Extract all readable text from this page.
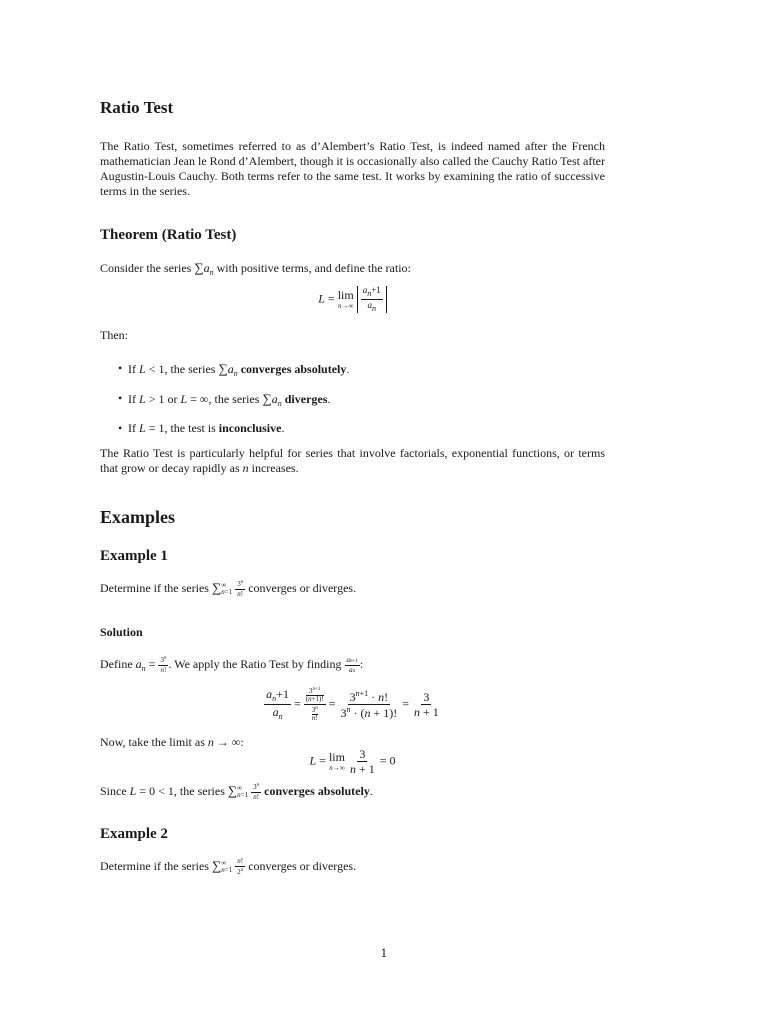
Ratio Test

The Ratio Test, sometimes referred to as d’Alembert’s Ratio Test, is indeed named after the French mathematician Jean le Rond d’Alembert, though it is occasionally also called the Cauchy Ratio Test after Augustin-Louis Cauchy. Both terms refer to the same test. It works by examining the ratio of successive terms in the series.

Theorem (Ratio Test)
Consider the series $\sum a_n$ with positive terms, and define the ratio:
L = lim
n→∞
$\frac{an+1}{an}$
Then:
• If L < 1, the series $\sum a_n$ converges absolutely.
• If L > 1 or L = ∞, the series $\sum a_n$ diverges.
• If L = 1, the test is inconclusive.

The Ratio Test is particularly helpful for series that involve factorials, exponential functions, or terms that grow or decay rapidly as n increases.

Examples
Example 1
Determine if the series ∑ ∞
n=1
$\frac{3^n}{n!}$ converges or diverges.
Solution
Define $a_n = \frac{3^n}{n!}$ . We apply the Ratio Test by finding $\frac{an+1}{an}$ :
$\frac{a_n+1}{a_n} = 3^{n+1}$
(n+1)!
3$^n$
n! = $\frac{3^{n+1} \cdot n!}{3^n \cdot (n + 1)!} = \frac{3}{n + 1}$
Now, take the limit as n → ∞:
L = lim
n→∞
$\frac{3}{n + 1} = 0$
Since L = 0 < 1, the series ∑ ∞
n=1
$\frac{3^n}{n!}$ converges absolutely.
Example 2
Determine if the series ∑ ∞
n=1
$\frac{n!}{2^n}$ converges or diverges.
1
